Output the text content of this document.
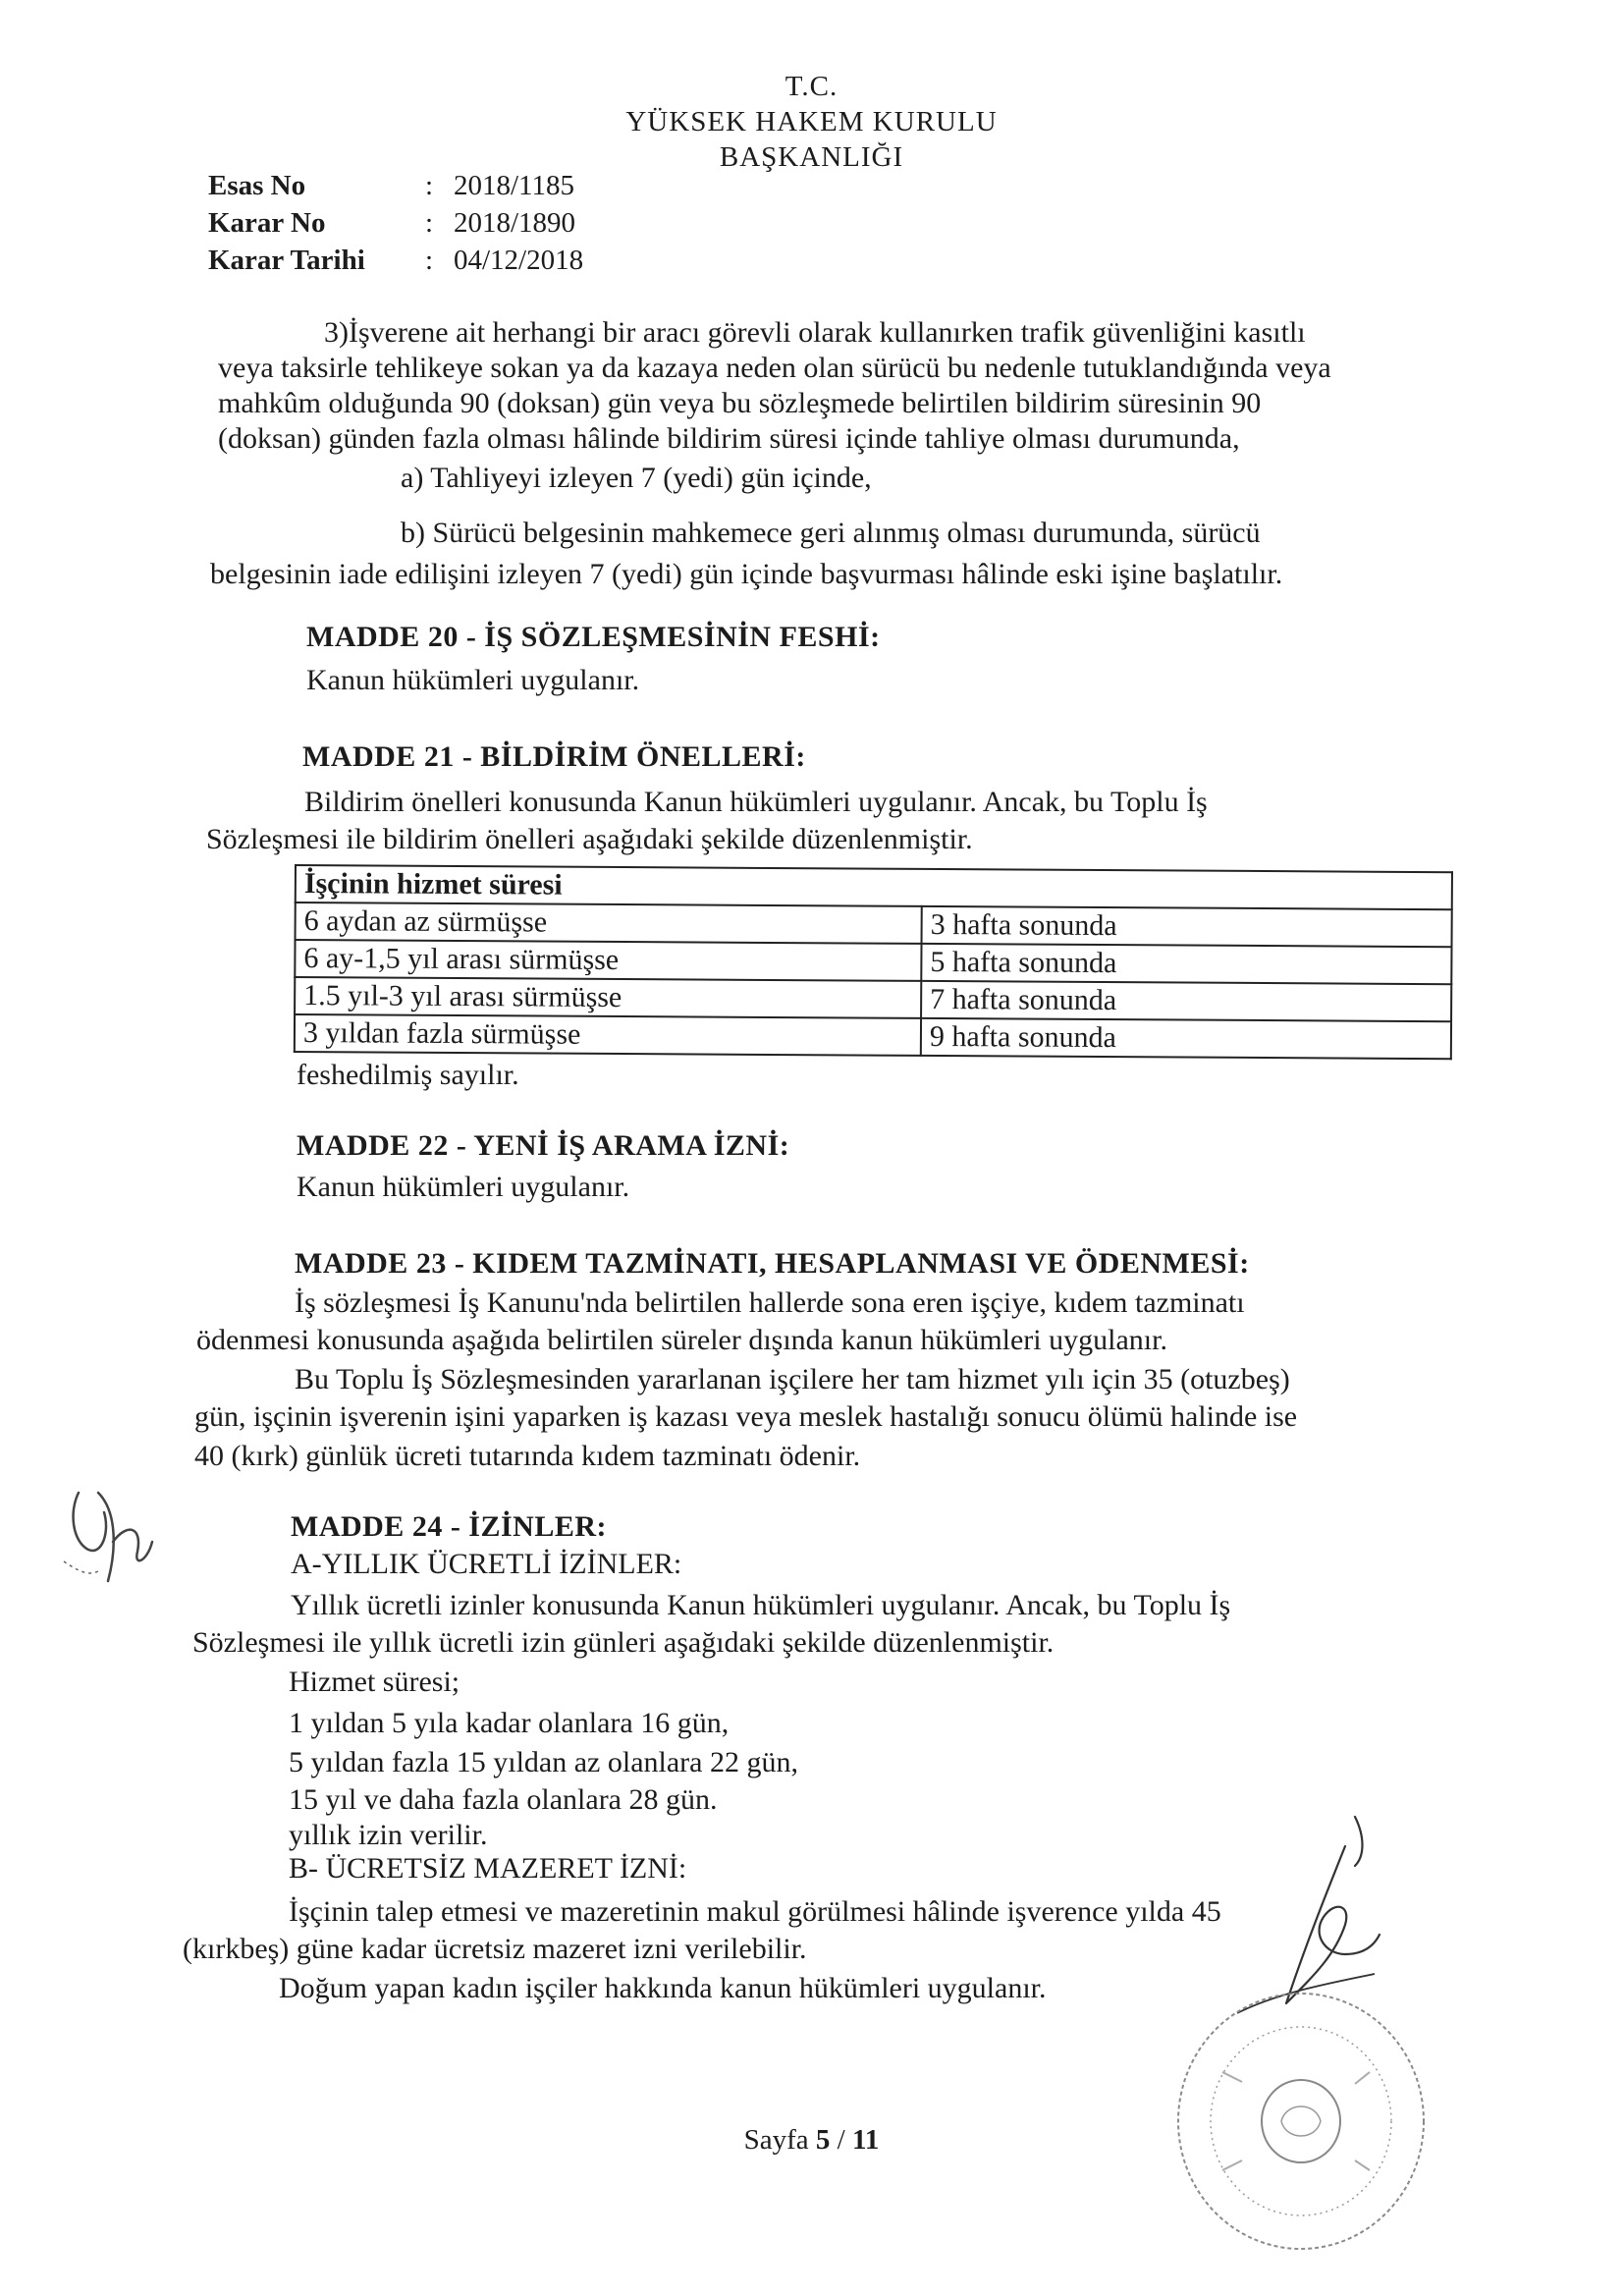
T.C.
YÜKSEK HAKEM KURULU
BAŞKANLIĞI
Esas No	: 2018/1185
Karar No	: 2018/1890
Karar Tarihi	: 04/12/2018
3)İşverene ait herhangi bir aracı görevli olarak kullanırken trafik güvenliğini kasıtlı
veya taksirle tehlikeye sokan ya da kazaya neden olan sürücü bu nedenle tutuklandığında veya
mahkûm olduğunda 90 (doksan) gün veya bu sözleşmede belirtilen bildirim süresinin 90
(doksan) günden fazla olması hâlinde bildirim süresi içinde tahliye olması durumunda,
a) Tahliyeyi izleyen 7 (yedi) gün içinde,
b) Sürücü belgesinin mahkemece geri alınmış olması durumunda, sürücü
belgesinin iade edilişini izleyen 7 (yedi) gün içinde başvurması hâlinde eski işine başlatılır.
MADDE 20 - İŞ SÖZLEŞMESİNİN FESHİ:
Kanun hükümleri uygulanır.
MADDE 21 - BİLDİRİM ÖNELLERİ:
Bildirim önelleri konusunda Kanun hükümleri uygulanır. Ancak, bu Toplu İş
Sözleşmesi ile bildirim önelleri aşağıdaki şekilde düzenlenmiştir.
İşçinin hizmet süresi	
6 aydan az sürmüşse	3 hafta sonunda
6 ay-1,5 yıl arası sürmüşse	5 hafta sonunda
1.5 yıl-3 yıl arası sürmüşse	7 hafta sonunda
3 yıldan fazla sürmüşse	9 hafta sonunda
feshedilmiş sayılır.
MADDE 22 - YENİ İŞ ARAMA İZNİ:
Kanun hükümleri uygulanır.
MADDE 23 - KIDEM TAZMİNATI, HESAPLANMASI VE ÖDENMESİ:
İş sözleşmesi İş Kanunu'nda belirtilen hallerde sona eren işçiye, kıdem tazminatı
ödenmesi konusunda aşağıda belirtilen süreler dışında kanun hükümleri uygulanır.
Bu Toplu İş Sözleşmesinden yararlanan işçilere her tam hizmet yılı için 35 (otuzbeş)
gün, işçinin işverenin işini yaparken iş kazası veya meslek hastalığı sonucu ölümü halinde ise
40 (kırk) günlük ücreti tutarında kıdem tazminatı ödenir.
MADDE 24 - İZİNLER:
A-YILLIK ÜCRETLİ İZİNLER:
Yıllık ücretli izinler konusunda Kanun hükümleri uygulanır. Ancak, bu Toplu İş
Sözleşmesi ile yıllık ücretli izin günleri aşağıdaki şekilde düzenlenmiştir.
Hizmet süresi;
1 yıldan 5 yıla kadar olanlara 16 gün,
5 yıldan fazla 15 yıldan az olanlara 22 gün,
15 yıl ve daha fazla olanlara 28 gün.
yıllık izin verilir.
B- ÜCRETSİZ MAZERET İZNİ:
İşçinin talep etmesi ve mazeretinin makul görülmesi hâlinde işverence yılda 45
(kırkbeş) güne kadar ücretsiz mazeret izni verilebilir.
Doğum yapan kadın işçiler hakkında kanun hükümleri uygulanır.
Sayfa 5 / 11
